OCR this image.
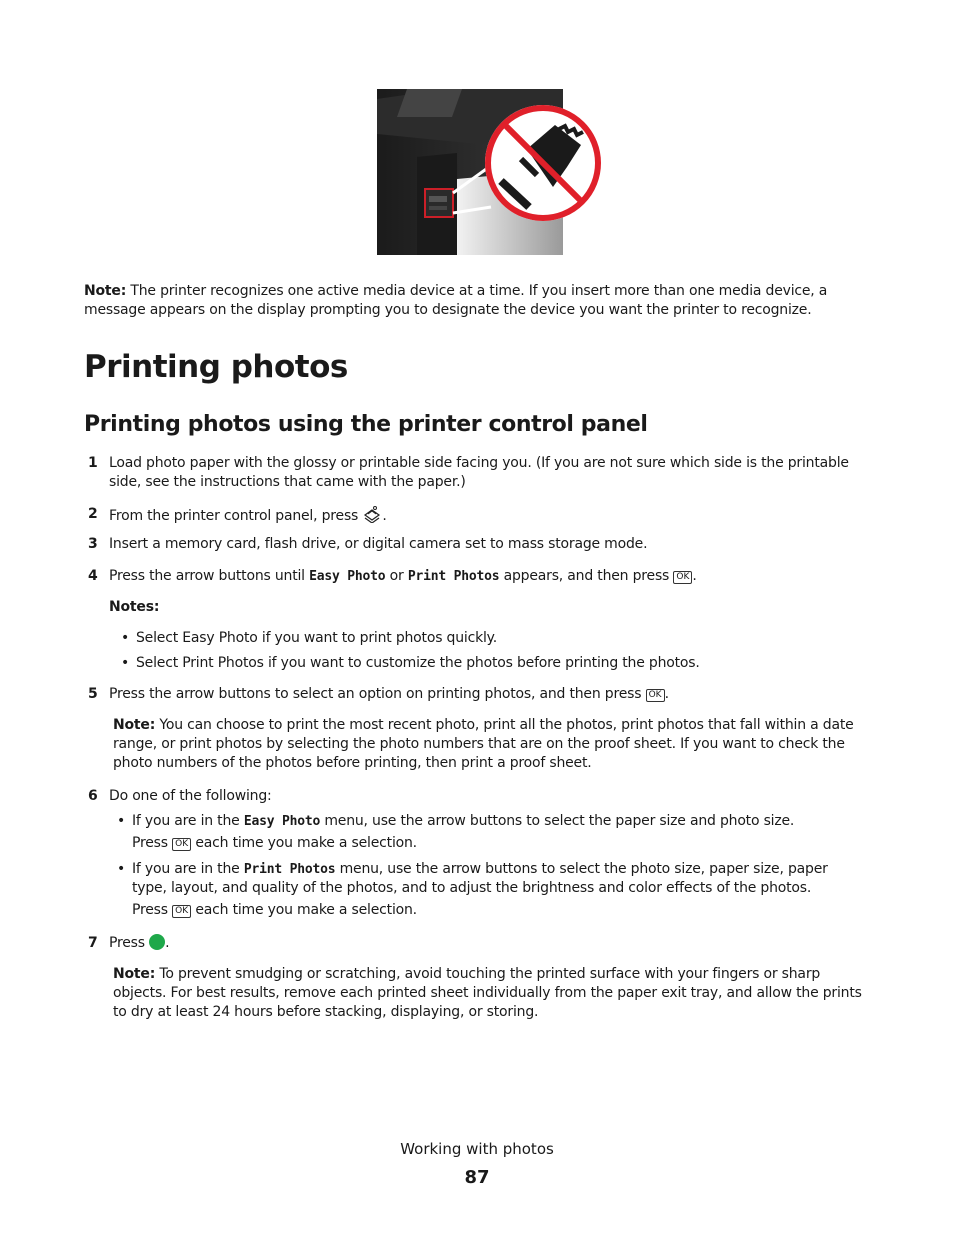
Note: The printer recognizes one active media device at a time. If you insert more than one media device, a message appears on the display prompting you to designate the device you want the printer to recognize.
Printing photos
Printing photos using the printer control panel
1 Load photo paper with the glossy or printable side facing you. (If you are not sure which side is the printable side, see the instructions that came with the paper.)
2 From the printer control panel, press .
3 Insert a memory card, flash drive, or digital camera set to mass storage mode.
4 Press the arrow buttons until Easy Photo or Print Photos appears, and then press OK .
Notes:
• Select Easy Photo if you want to print photos quickly.
• Select Print Photos if you want to customize the photos before printing the photos.
5 Press the arrow buttons to select an option on printing photos, and then press OK .
Note: You can choose to print the most recent photo, print all the photos, print photos that fall within a date range, or print photos by selecting the photo numbers that are on the proof sheet. If you want to check the photo numbers of the photos before printing, then print a proof sheet.
6 Do one of the following:
• If you are in the Easy Photo menu, use the arrow buttons to select the paper size and photo size.
Press OK each time you make a selection.
• If you are in the Print Photos menu, use the arrow buttons to select the photo size, paper size, paper type, layout, and quality of the photos, and to adjust the brightness and color effects of the photos.
Press OK each time you make a selection.
7 Press .
Note: To prevent smudging or scratching, avoid touching the printed surface with your fingers or sharp objects. For best results, remove each printed sheet individually from the paper exit tray, and allow the prints to dry at least 24 hours before stacking, displaying, or storing.
Working with photos
87
